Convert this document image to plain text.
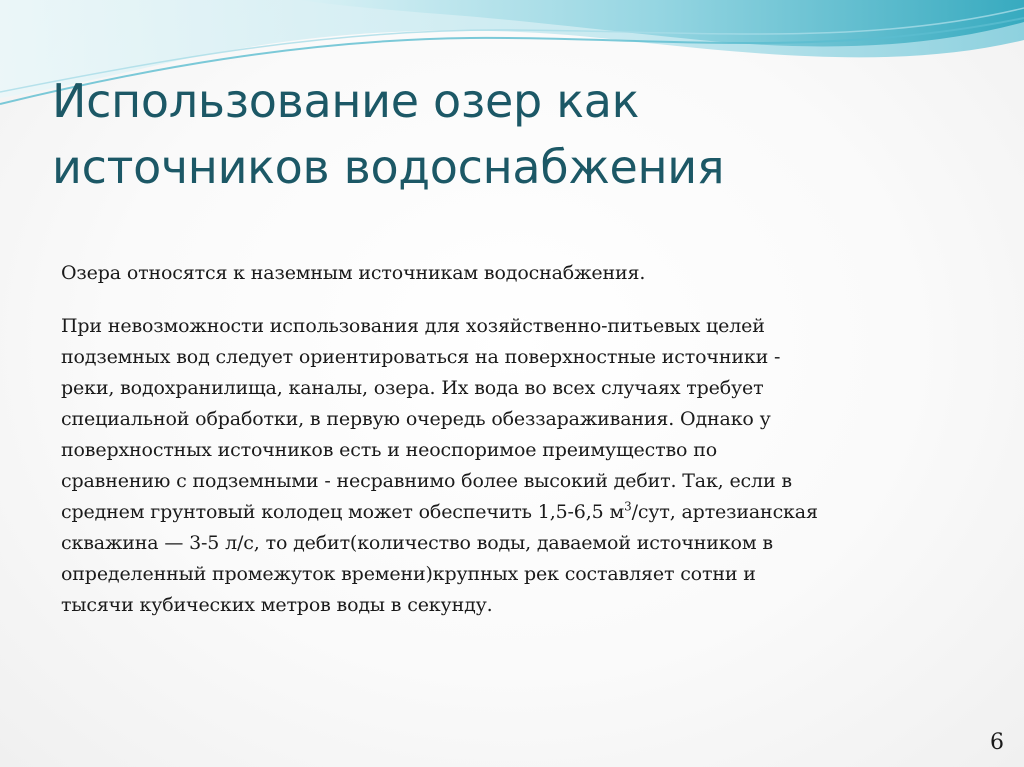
Использование озер как
источников водоснабжения

Озера относятся к наземным источникам водоснабжения.

При невозможности использования для хозяйственно-питьевых целей
подземных вод следует ориентироваться на поверхностные источники -
реки, водохранилища, каналы, озера. Их вода во всех случаях требует
специальной обработки, в первую очередь обеззараживания. Однако у
поверхностных источников есть и неоспоримое преимущество по
сравнению с подземными - несравнимо более высокий дебит. Так, если в
среднем грунтовый колодец может обеспечить 1,5-6,5 $м^3$/сут, артезианская
скважина — 3-5 л/с, то дебит(количество воды, даваемой источником в
определенный промежуток времени)крупных рек составляет сотни и
тысячи кубических метров воды в секунду.

6
